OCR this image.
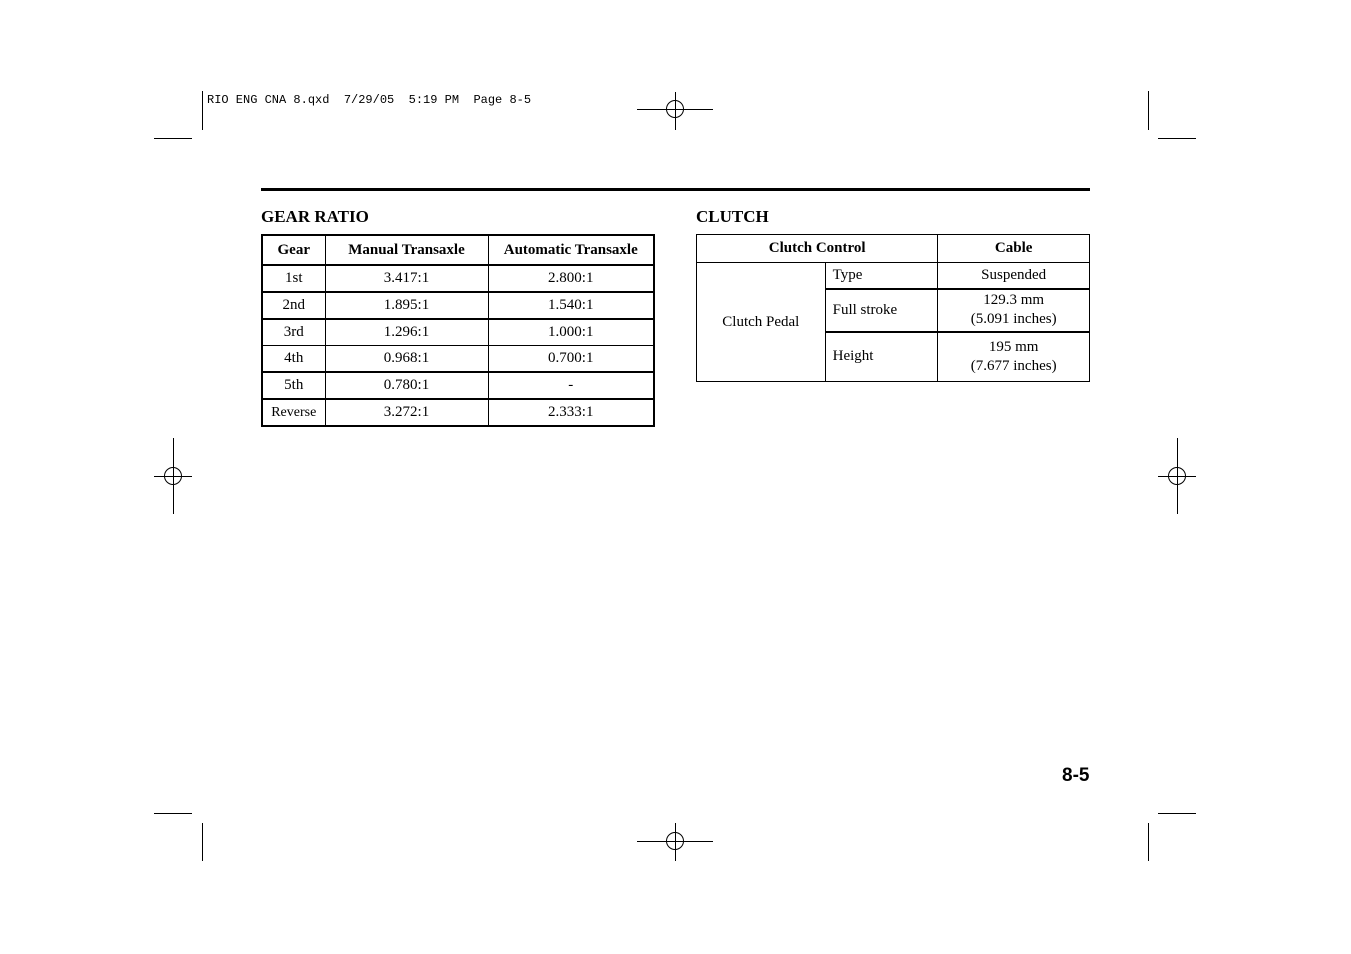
RIO ENG CNA 8.qxd  7/29/05  5:19 PM  Page 8-5
GEAR RATIO
Gear	Manual Transaxle	Automatic Transaxle
1st	3.417:1	2.800:1
2nd	1.895:1	1.540:1
3rd	1.296:1	1.000:1
4th	0.968:1	0.700:1
5th	0.780:1	-
Reverse	3.272:1	2.333:1
CLUTCH
Clutch Control		Cable
Clutch Pedal	Type	Suspended
	Full stroke	129.3 mm
(5.091 inches)
	Height	195 mm
(7.677 inches)
8-5
